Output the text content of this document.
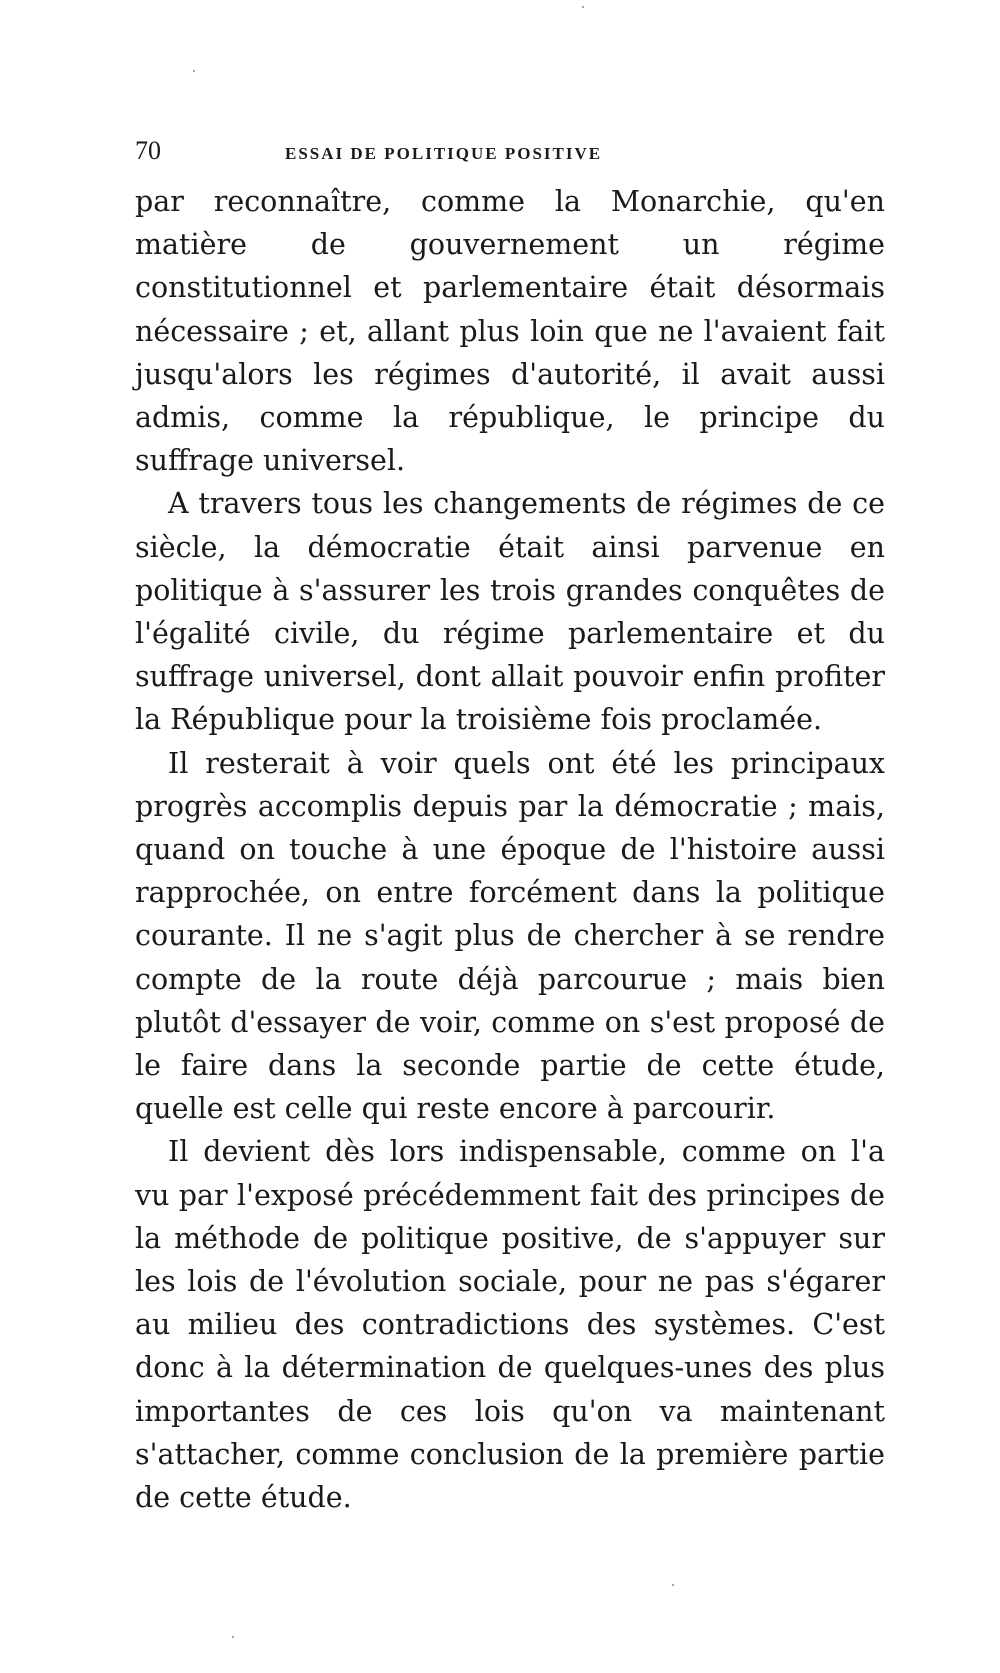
70	ESSAI DE POLITIQUE POSITIVE

par reconnaître, comme la Monarchie, qu'en matière de gouvernement un régime constitutionnel et parlementaire était désormais nécessaire ; et, allant plus loin que ne l'avaient fait jusqu'alors les régimes d'autorité, il avait aussi admis, comme la république, le principe du suffrage universel.

A travers tous les changements de régimes de ce siècle, la démocratie était ainsi parvenue en politique à s'assurer les trois grandes conquêtes de l'égalité civile, du régime parlementaire et du suffrage universel, dont allait pouvoir enfin profiter la République pour la troisième fois proclamée.

Il resterait à voir quels ont été les principaux progrès accomplis depuis par la démocratie ; mais, quand on touche à une époque de l'histoire aussi rapprochée, on entre forcément dans la politique courante. Il ne s'agit plus de chercher à se rendre compte de la route déjà parcourue ; mais bien plutôt d'essayer de voir, comme on s'est proposé de le faire dans la seconde partie de cette étude, quelle est celle qui reste encore à parcourir.

Il devient dès lors indispensable, comme on l'a vu par l'exposé précédemment fait des principes de la méthode de politique positive, de s'appuyer sur les lois de l'évolution sociale, pour ne pas s'égarer au milieu des contradictions des systèmes. C'est donc à la détermination de quelques-unes des plus importantes de ces lois qu'on va maintenant s'attacher, comme conclusion de la première partie de cette étude.
